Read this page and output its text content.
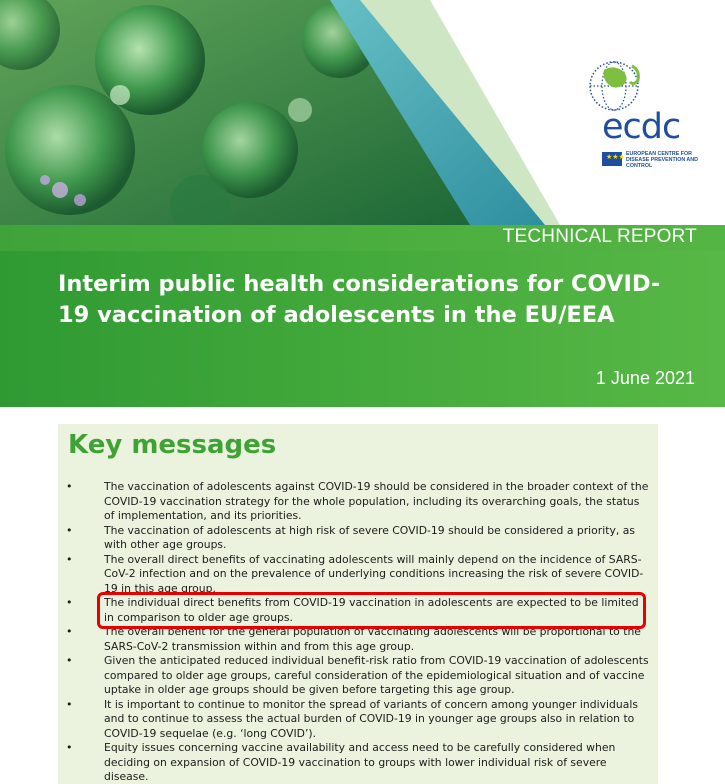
ecdc
★★★ EUROPEAN CENTRE FOR DISEASE PREVENTION AND CONTROL
TECHNICAL REPORT
Interim public health considerations for COVID-19 vaccination of adolescents in the EU/EEA
1 June 2021
Key messages
•	The vaccination of adolescents against COVID-19 should be considered in the broader context of the COVID-19 vaccination strategy for the whole population, including its overarching goals, the status of implementation, and its priorities.
•	The vaccination of adolescents at high risk of severe COVID-19 should be considered a priority, as with other age groups.
•	The overall direct benefits of vaccinating adolescents will mainly depend on the incidence of SARS-CoV-2 infection and on the prevalence of underlying conditions increasing the risk of severe COVID-19 in this age group.
•	The individual direct benefits from COVID-19 vaccination in adolescents are expected to be limited in comparison to older age groups.
•	The overall benefit for the general population of vaccinating adolescents will be proportional to the SARS-CoV-2 transmission within and from this age group.
•	Given the anticipated reduced individual benefit-risk ratio from COVID-19 vaccination of adolescents compared to older age groups, careful consideration of the epidemiological situation and of vaccine uptake in older age groups should be given before targeting this age group.
•	It is important to continue to monitor the spread of variants of concern among younger individuals and to continue to assess the actual burden of COVID-19 in younger age groups also in relation to COVID-19 sequelae (e.g. ‘long COVID’).
•	Equity issues concerning vaccine availability and access need to be carefully considered when deciding on expansion of COVID-19 vaccination to groups with lower individual risk of severe disease.
